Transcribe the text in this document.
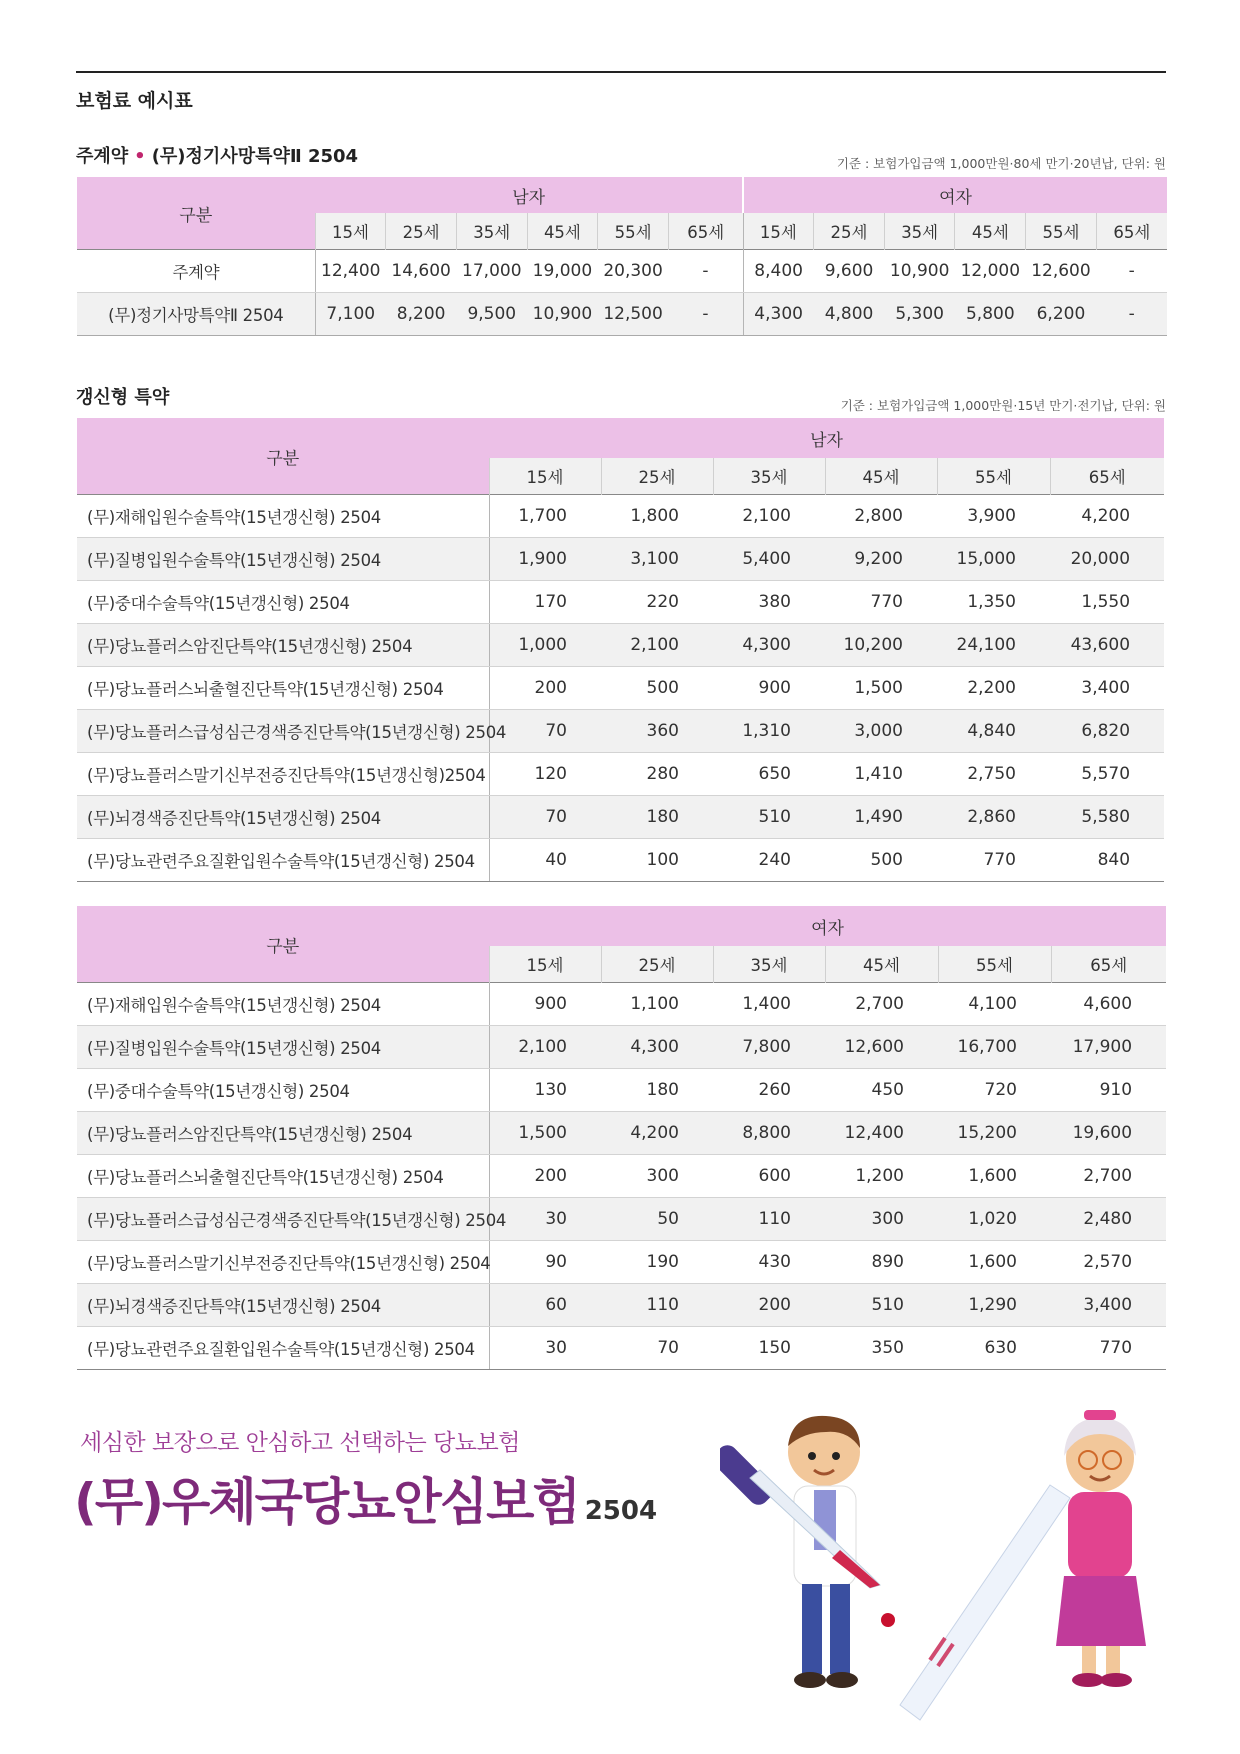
보험료 예시표
주계약 • (무)정기사망특약Ⅱ 2504	기준 : 보험가입금액 1,000만원·80세 만기·20년납, 단위: 원
구분	남자						여자					
	15세	25세	35세	45세	55세	65세	15세	25세	35세	45세	55세	65세
주계약	12,400	14,600	17,000	19,000	20,300	-	8,400	9,600	10,900	12,000	12,600	-
(무)정기사망특약Ⅱ 2504	7,100	8,200	9,500	10,900	12,500	-	4,300	4,800	5,300	5,800	6,200	-
갱신형 특약	기준 : 보험가입금액 1,000만원·15년 만기·전기납, 단위: 원
구분	남자					
	15세	25세	35세	45세	55세	65세
(무)재해입원수술특약(15년갱신형) 2504	1,700	1,800	2,100	2,800	3,900	4,200
(무)질병입원수술특약(15년갱신형) 2504	1,900	3,100	5,400	9,200	15,000	20,000
(무)중대수술특약(15년갱신형) 2504	170	220	380	770	1,350	1,550
(무)당뇨플러스암진단특약(15년갱신형) 2504	1,000	2,100	4,300	10,200	24,100	43,600
(무)당뇨플러스뇌출혈진단특약(15년갱신형) 2504	200	500	900	1,500	2,200	3,400
(무)당뇨플러스급성심근경색증진단특약(15년갱신형) 2504	70	360	1,310	3,000	4,840	6,820
(무)당뇨플러스말기신부전증진단특약(15년갱신형)2504	120	280	650	1,410	2,750	5,570
(무)뇌경색증진단특약(15년갱신형) 2504	70	180	510	1,490	2,860	5,580
(무)당뇨관련주요질환입원수술특약(15년갱신형) 2504	40	100	240	500	770	840
구분	여자					
	15세	25세	35세	45세	55세	65세
(무)재해입원수술특약(15년갱신형) 2504	900	1,100	1,400	2,700	4,100	4,600
(무)질병입원수술특약(15년갱신형) 2504	2,100	4,300	7,800	12,600	16,700	17,900
(무)중대수술특약(15년갱신형) 2504	130	180	260	450	720	910
(무)당뇨플러스암진단특약(15년갱신형) 2504	1,500	4,200	8,800	12,400	15,200	19,600
(무)당뇨플러스뇌출혈진단특약(15년갱신형) 2504	200	300	600	1,200	1,600	2,700
(무)당뇨플러스급성심근경색증진단특약(15년갱신형) 2504	30	50	110	300	1,020	2,480
(무)당뇨플러스말기신부전증진단특약(15년갱신형) 2504	90	190	430	890	1,600	2,570
(무)뇌경색증진단특약(15년갱신형) 2504	60	110	200	510	1,290	3,400
(무)당뇨관련주요질환입원수술특약(15년갱신형) 2504	30	70	150	350	630	770
세심한 보장으로 안심하고 선택하는 당뇨보험
(무)우체국당뇨안심보험 2504
